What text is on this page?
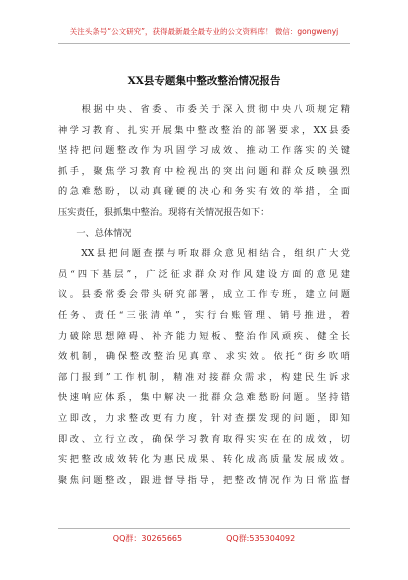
关注头条号“公文研究”，获得最新最全最专业的公文资料库！ 微信：gongwenyj
XX县专题集中整改整治情况报告
　　根据中央、省委、市委关于深入贯彻中央八项规定精
神学习教育、扎实开展集中整改整治的部署要求，XX县委
坚持把问题整改作为巩固学习成效、推动工作落实的关键
抓手，聚焦学习教育中检视出的突出问题和群众反映强烈
的急难愁盼，以动真碰硬的决心和务实有效的举措，全面
压实责任，狠抓集中整治。现将有关情况报告如下：
　　一、总体情况
　　XX县把问题查摆与听取群众意见相结合，组织广大党
员“四下基层”，广泛征求群众对作风建设方面的意见建
议。县委常委会带头研究部署，成立工作专班，建立问题
任务、责任“三张清单”，实行台账管理、销号推进，着
力破除思想障碍、补齐能力短板、整治作风顽疾、健全长
效机制，确保整改整治见真章、求实效。依托“街乡吹哨
部门报到”工作机制，精准对接群众需求，构建民生诉求
快速响应体系，集中解决一批群众急难愁盼问题。坚持错
立即改，力求整改更有力度，针对查摆发现的问题，即知
即改、立行立改，确保学习教育取得实实在在的成效，切
实把整改成效转化为惠民成果、转化成高质量发展成效。
聚焦问题整改，跟进督导指导，把整改情况作为日常监督
QQ群：30265665	QQ群:535304092
